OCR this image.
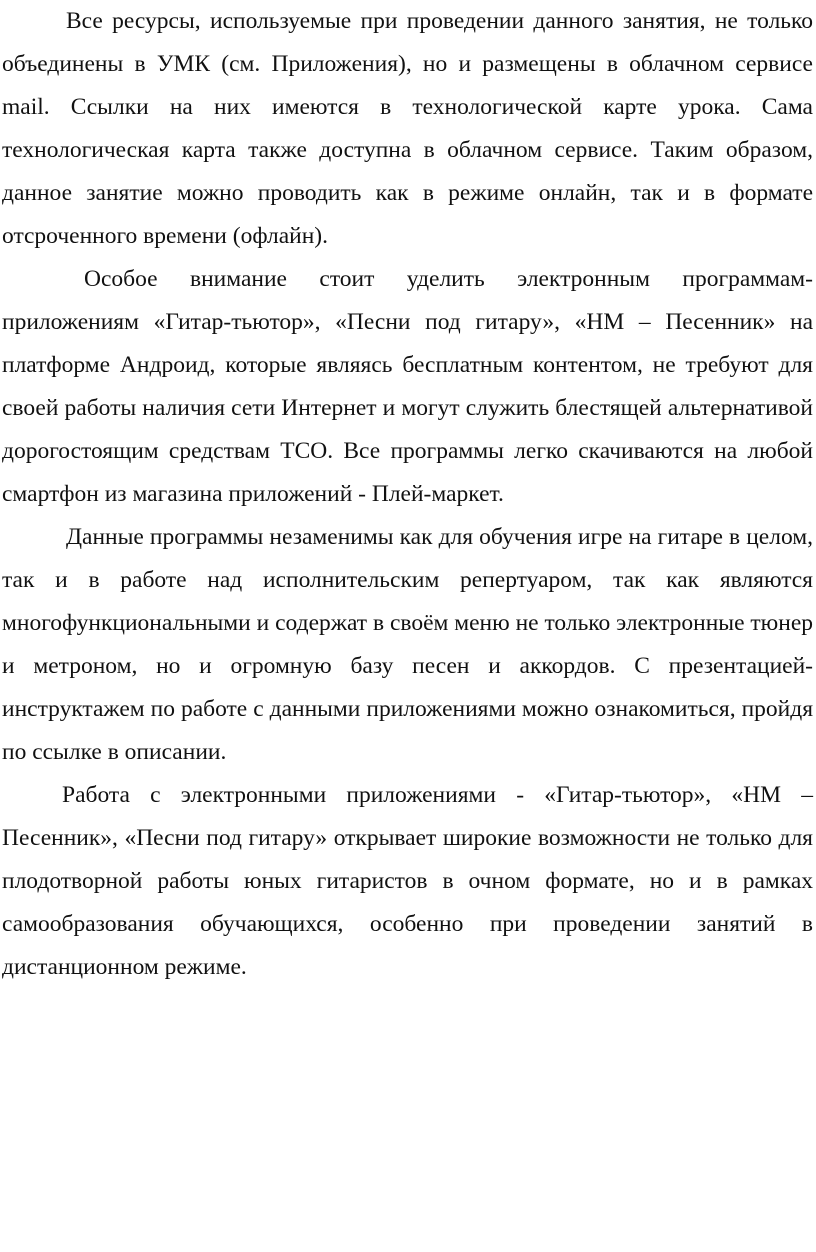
Все ресурсы, используемые при проведении данного занятия, не только объединены в УМК (см. Приложения), но и размещены в облачном сервисе mail. Ссылки на них имеются в технологической карте урока. Сама технологическая карта также доступна в облачном сервисе. Таким образом, данное занятие можно проводить как в режиме онлайн, так и в формате отсроченного времени (офлайн).

Особое внимание стоит уделить электронным программам-приложениям «Гитар-тьютор», «Песни под гитару», «НМ – Песенник» на платформе Андроид, которые являясь бесплатным контентом, не требуют для своей работы наличия сети Интернет и могут служить блестящей альтернативой дорогостоящим средствам ТСО. Все программы легко скачиваются на любой смартфон из магазина приложений - Плей-маркет.

Данные программы незаменимы как для обучения игре на гитаре в целом, так и в работе над исполнительским репертуаром, так как являются многофункциональными и содержат в своём меню не только электронные тюнер и метроном, но и огромную базу песен и аккордов. С презентацией-инструктажем по работе с данными приложениями можно ознакомиться, пройдя по ссылке в описании.

Работа с электронными приложениями - «Гитар-тьютор», «НМ – Песенник», «Песни под гитару» открывает широкие возможности не только для плодотворной работы юных гитаристов в очном формате, но и в рамках самообразования обучающихся, особенно при проведении занятий в дистанционном режиме.
